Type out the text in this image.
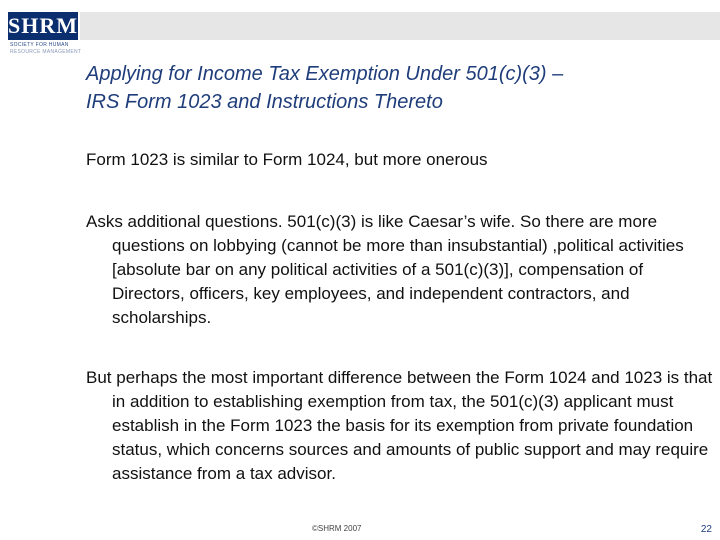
SHRM
SOCIETY FOR HUMAN
RESOURCE MANAGEMENT
Applying for Income Tax Exemption Under 501(c)(3) –
IRS Form 1023 and Instructions Thereto
Form 1023 is similar to Form 1024, but more onerous
Asks additional questions. 501(c)(3) is like Caesar’s wife. So there are more questions on lobbying (cannot be more than insubstantial) ,political activities [absolute bar on any political activities of a 501(c)(3)], compensation of Directors, officers, key employees, and independent contractors, and scholarships.
But perhaps the most important difference between the Form 1024 and 1023 is that in addition to establishing exemption from tax, the 501(c)(3) applicant must establish in the Form 1023 the basis for its exemption from private foundation status, which concerns sources and amounts of public support and may require assistance from a tax advisor.
©SHRM 2007	22
